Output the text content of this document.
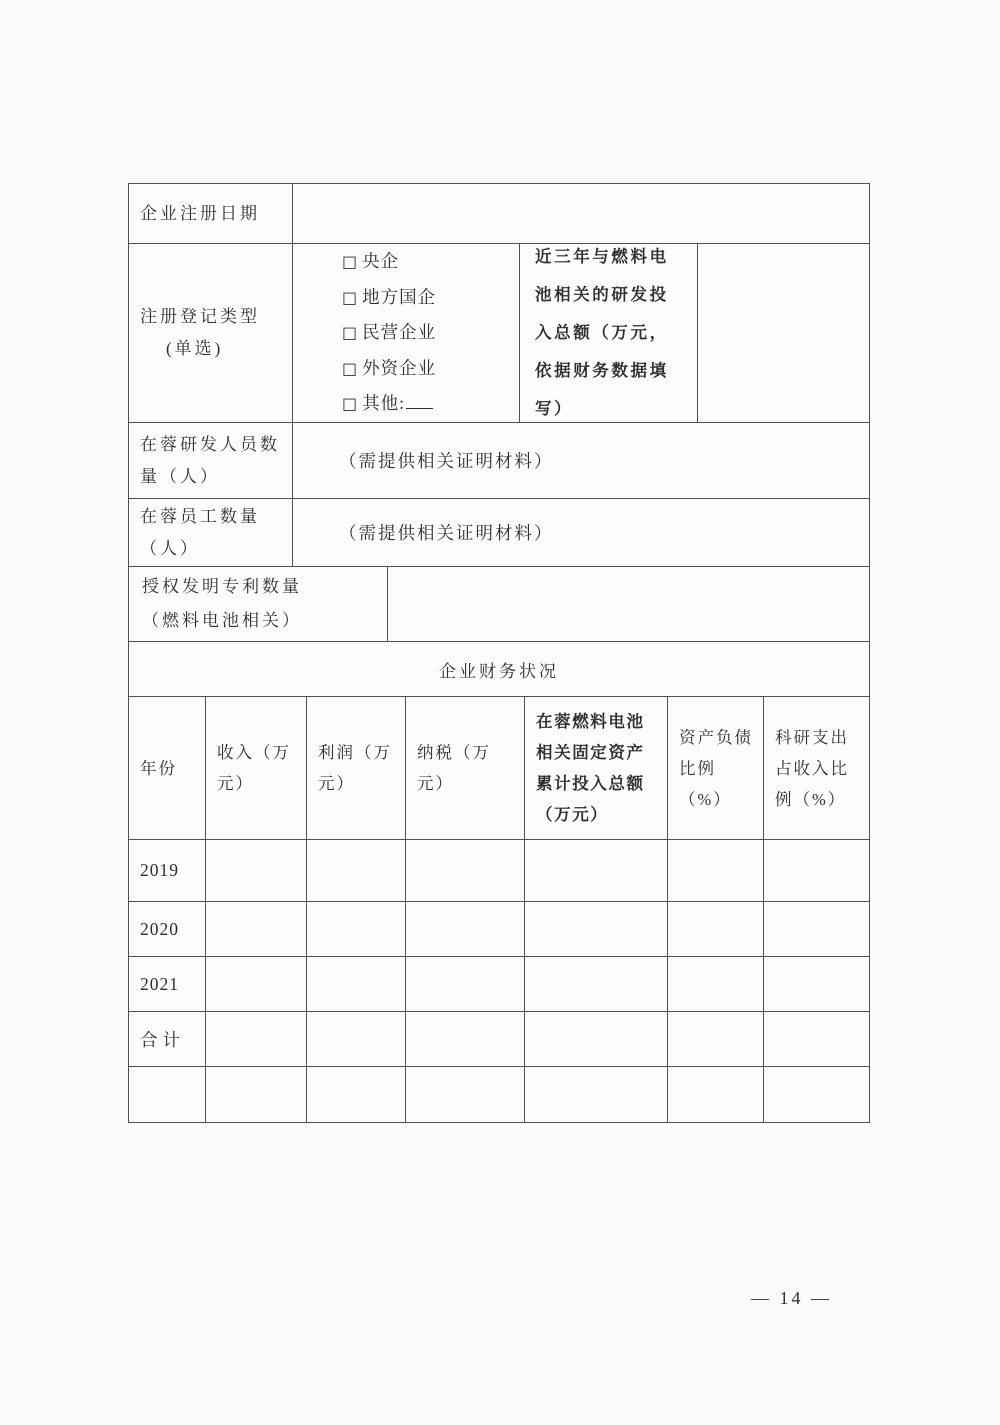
企业注册日期
注册登记类型
(单选)
□ 央企
□ 地方国企
□ 民营企业
□ 外资企业
□ 其他:
近三年与燃料电池相关的研发投入总额（万元，依据财务数据填写）
在蓉研发人员数量（人）
（需提供相关证明材料）
在蓉员工数量（人）
（需提供相关证明材料）
授权发明专利数量（燃料电池相关）
企业财务状况
年份
收入（万元）
利润（万元）
纳税（万元）
在蓉燃料电池相关固定资产累计投入总额（万元）
资产负债比例（%）
科研支出占收入比例（%）
2019
2020
2021
合计
— 14 —
